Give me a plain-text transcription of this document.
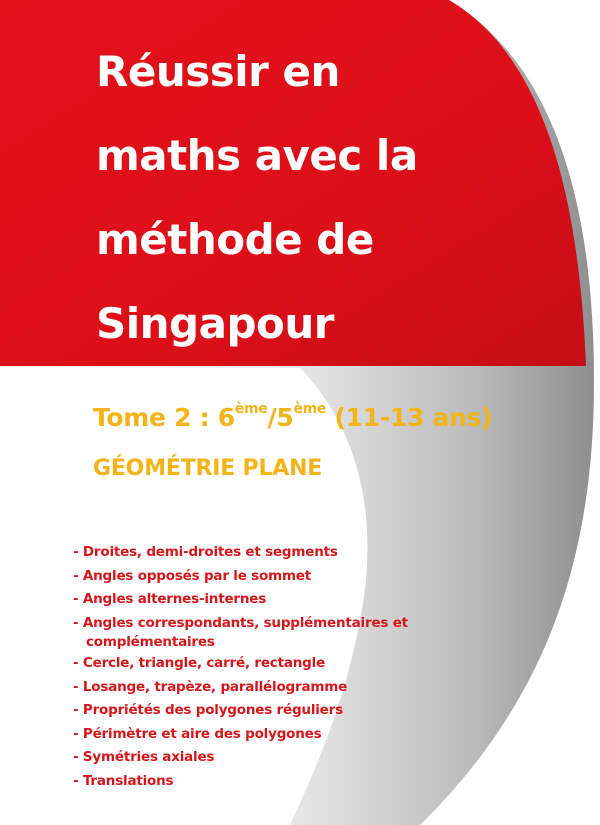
Réussir en
maths avec la
méthode de
Singapour

Tome 2 : 6ème/5ème (11-13 ans)

GÉOMÉTRIE PLANE

- Droites, demi-droites et segments
- Angles opposés par le sommet
- Angles alternes-internes
- Angles correspondants, supplémentaires et
complémentaires
- Cercle, triangle, carré, rectangle
- Losange, trapèze, parallélogramme
- Propriétés des polygones réguliers
- Périmètre et aire des polygones
- Symétries axiales
- Translations
